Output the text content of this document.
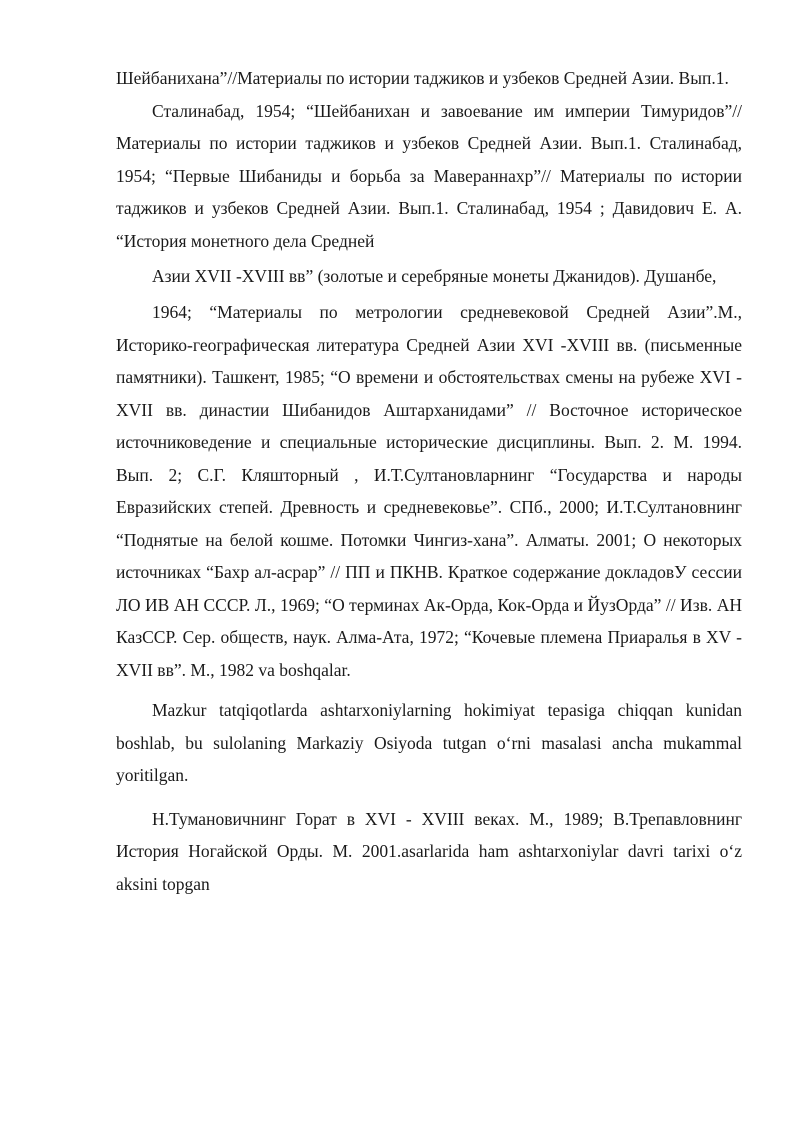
Шейбанихана”//Материалы по истории таджиков и узбеков Средней Азии. Вып.1.

Сталинабад, 1954; “Шейбанихан и завоевание им империи Тимуридов”// Материалы по истории таджиков и узбеков Средней Азии. Вып.1. Сталинабад, 1954; “Первые Шибаниды и борьба за Мавераннахр”// Материалы по истории таджиков и узбеков Средней Азии. Вып.1. Сталинабад, 1954 ; Давидович Е. А. “История монетного дела Средней

Азии XVII -XVIII вв” (золотые и серебряные монеты Джанидов). Душанбе,

1964; “Материалы по метрологии средневековой Средней Азии”.М., Историко-географическая литература Средней Азии XVI -XVIII вв. (письменные памятники). Ташкент, 1985; “О времени и обстоятельствах смены на рубеже XVI - XVII вв. династии Шибанидов Аштарханидами” // Восточное историческое источниковедение и специальные исторические дисциплины. Вып. 2. М. 1994. Вып. 2; С.Г. Кляшторный , И.Т.Султановларнинг “Государства и народы Евразийских степей. Древность и средневековье”. СПб., 2000; И.Т.Султановнинг “Поднятые на белой кошме. Потомки Чингиз-хана”. Алматы. 2001; О некоторых источниках “Бахр ал-асрар” // ПП и ПКНВ. Краткое содержание докладовУ сессии ЛО ИВ АН СССР. Л., 1969; “О терминах Ак-Орда, Кок-Орда и ЙузОрда” // Изв. АН КазССР. Сер. обществ, наук. Алма-Ата, 1972; “Кочевые племена Приаралья в XV - XVII вв”. М., 1982 va boshqalar.

Mazkur tatqiqotlarda ashtarxoniylarning hokimiyat tepasiga chiqqan kunidan boshlab, bu sulolaning Markaziy Osiyoda tutgan o‘rni masalasi ancha mukammal yoritilgan.

Н.Тумановичнинг Горат в XVI - XVIII веках. М., 1989; В.Трепавловнинг История Ногайской Орды. М. 2001.asarlarida ham ashtarxoniylar davri tarixi o‘z aksini topgan
